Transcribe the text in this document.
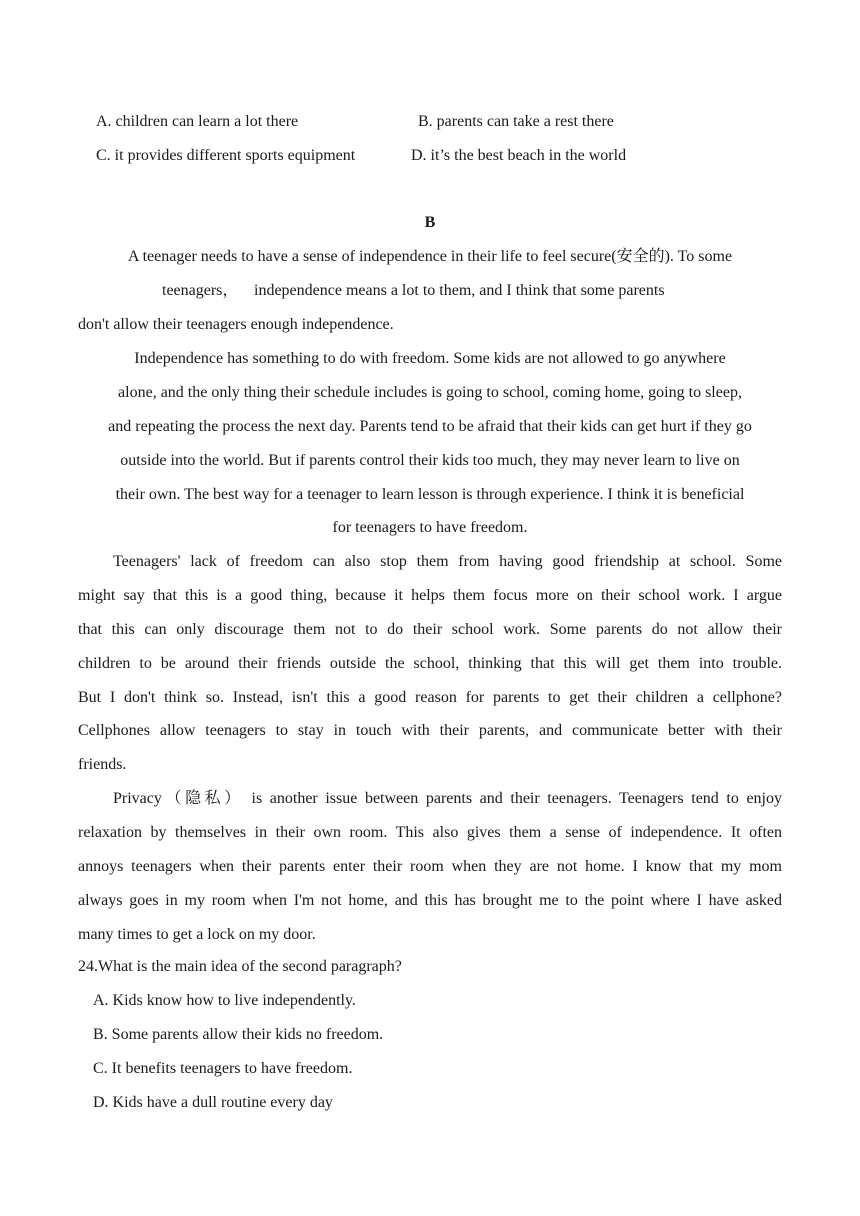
A. children can learn a lot there	B. parents can take a rest there
C. it provides different sports equipment	D. it’s the best beach in the world
B
A teenager needs to have a sense of independence in their life to feel secure(安全的). To some
teenagers， independence means a lot to them, and I think that some parents
don't allow their teenagers enough independence.
Independence has something to do with freedom. Some kids are not allowed to go anywhere
alone, and the only thing their schedule includes is going to school, coming home, going to sleep,
and repeating the process the next day. Parents tend to be afraid that their kids can get hurt if they go
outside into the world. But if parents control their kids too much, they may never learn to live on
their own. The best way for a teenager to learn lesson is through experience. I think it is beneficial
for teenagers to have freedom.
Teenagers' lack of freedom can also stop them from having good friendship at school. Some
might say that this is a good thing, because it helps them focus more on their school work. I argue
that this can only discourage them not to do their school work. Some parents do not allow their
children to be around their friends outside the school, thinking that this will get them into trouble.
But I don't think so. Instead, isn't this a good reason for parents to get their children a cellphone?
Cellphones allow teenagers to stay in touch with their parents, and communicate better with their
friends.
Privacy（隐私） is another issue between parents and their teenagers. Teenagers tend to enjoy
relaxation by themselves in their own room. This also gives them a sense of independence. It often
annoys teenagers when their parents enter their room when they are not home. I know that my mom
always goes in my room when I'm not home, and this has brought me to the point where I have asked
many times to get a lock on my door.
24.What is the main idea of the second paragraph?
A. Kids know how to live independently.
B. Some parents allow their kids no freedom.
C. It benefits teenagers to have freedom.
D. Kids have a dull routine every day
